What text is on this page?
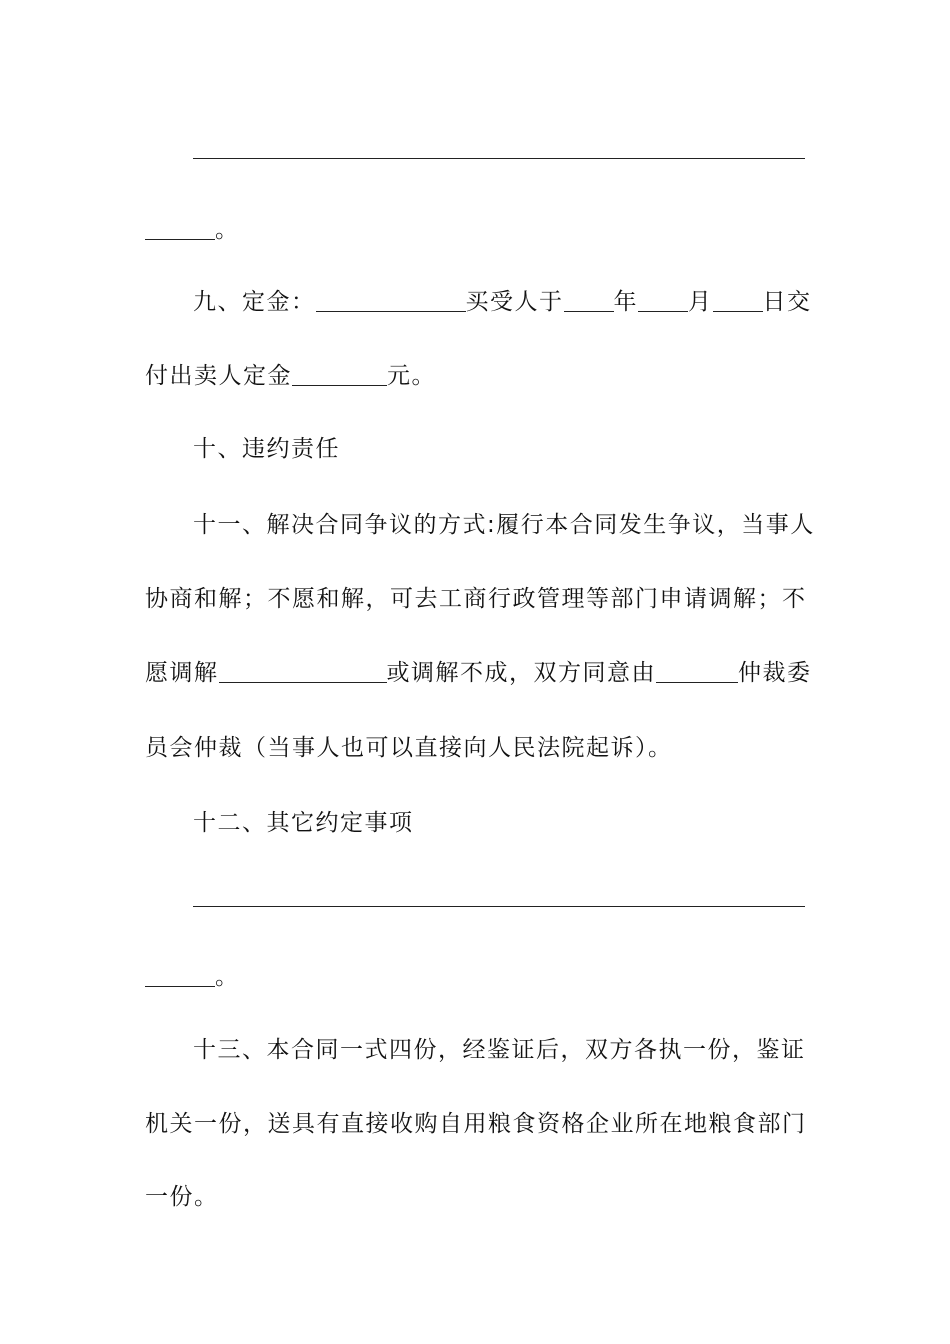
。
九、定金：	买受人于 年 月 日交
付出卖人定金	元。
十、违约责任
十一、解决合同争议的方式:履行本合同发生争议，当事人
协商和解；不愿和解，可去工商行政管理等部门申请调解；不
愿调解	或调解不成，双方同意由	仲裁委
员会仲裁（当事人也可以直接向人民法院起诉）。
十二、其它约定事项
。
十三、本合同一式四份，经鉴证后，双方各执一份，鉴证
机关一份，送具有直接收购自用粮食资格企业所在地粮食部门
一份。
